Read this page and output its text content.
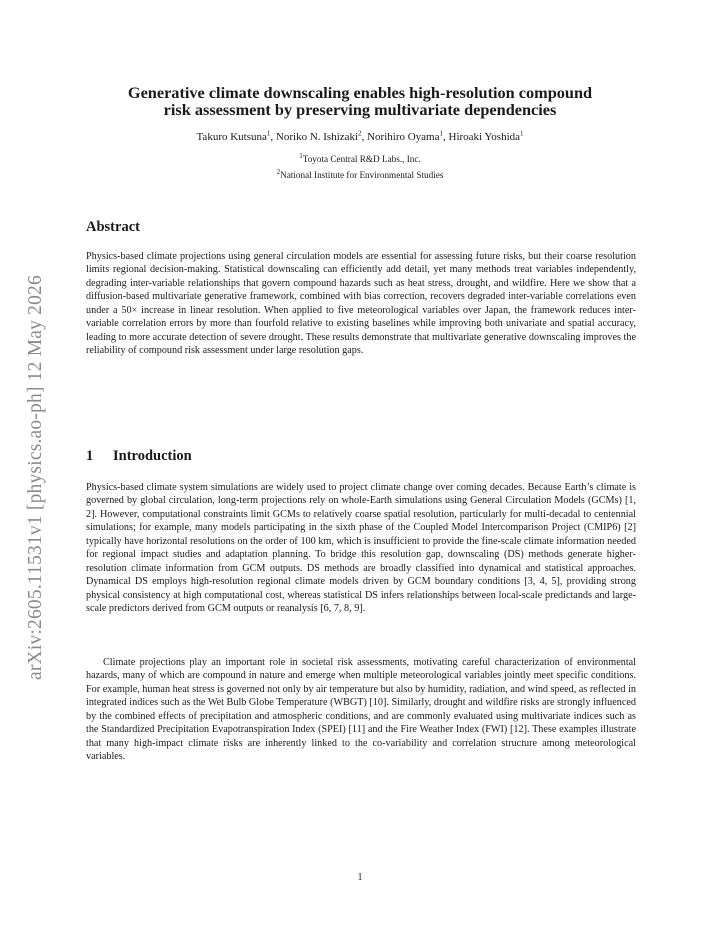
arXiv:2605.11531v1 [physics.ao-ph] 12 May 2026
Generative climate downscaling enables high-resolution compound
risk assessment by preserving multivariate dependencies
Takuro Kutsuna$^1$, Noriko N. Ishizaki$^2$, Norihiro Oyama$^1$, Hiroaki Yoshida$^1$
$^1$Toyota Central R&D Labs., Inc.
$^2$National Institute for Environmental Studies
Abstract

Physics-based climate projections using general circulation models are essential for assessing future risks, but their coarse resolution limits regional decision-making. Statistical downscaling can efficiently add detail, yet many methods treat variables independently, degrading inter-variable relationships that govern compound hazards such as heat stress, drought, and wildfire. Here we show that a diffusion-based multivariate generative framework, combined with bias correction, recovers degraded inter-variable correlations even under a 50× increase in linear resolution. When applied to five meteorological variables over Japan, the framework reduces inter-variable correlation errors by more than fourfold relative to existing baselines while improving both univariate and spatial accuracy, leading to more accurate detection of severe drought. These results demonstrate that multivariate generative downscaling improves the reliability of compound risk assessment under large resolution gaps.

1 Introduction

Physics-based climate system simulations are widely used to project climate change over coming decades. Because Earth’s climate is governed by global circulation, long-term projections rely on whole-Earth simulations using General Circulation Models (GCMs) [1, 2]. However, computational constraints limit GCMs to relatively coarse spatial resolution, particularly for multi-decadal to centennial simulations; for example, many models participating in the sixth phase of the Coupled Model Intercomparison Project (CMIP6) [2] typically have horizontal resolutions on the order of 100 km, which is insufficient to provide the fine-scale climate information needed for regional impact studies and adaptation planning. To bridge this resolution gap, downscaling (DS) methods generate higher-resolution climate information from GCM outputs. DS methods are broadly classified into dynamical and statistical approaches. Dynamical DS employs high-resolution regional climate models driven by GCM boundary conditions [3, 4, 5], providing strong physical consistency at high computational cost, whereas statistical DS infers relationships between local-scale predictands and large-scale predictors derived from GCM outputs or reanalysis [6, 7, 8, 9].

Climate projections play an important role in societal risk assessments, motivating careful characterization of environmental hazards, many of which are compound in nature and emerge when multiple meteorological variables jointly meet specific conditions. For example, human heat stress is governed not only by air temperature but also by humidity, radiation, and wind speed, as reflected in integrated indices such as the Wet Bulb Globe Temperature (WBGT) [10]. Similarly, drought and wildfire risks are strongly influenced by the combined effects of precipitation and atmospheric conditions, and are commonly evaluated using multivariate indices such as the Standardized Precipitation Evapotranspiration Index (SPEI) [11] and the Fire Weather Index (FWI) [12]. These examples illustrate that many high-impact climate risks are inherently linked to the co-variability and correlation structure among meteorological variables.

1
